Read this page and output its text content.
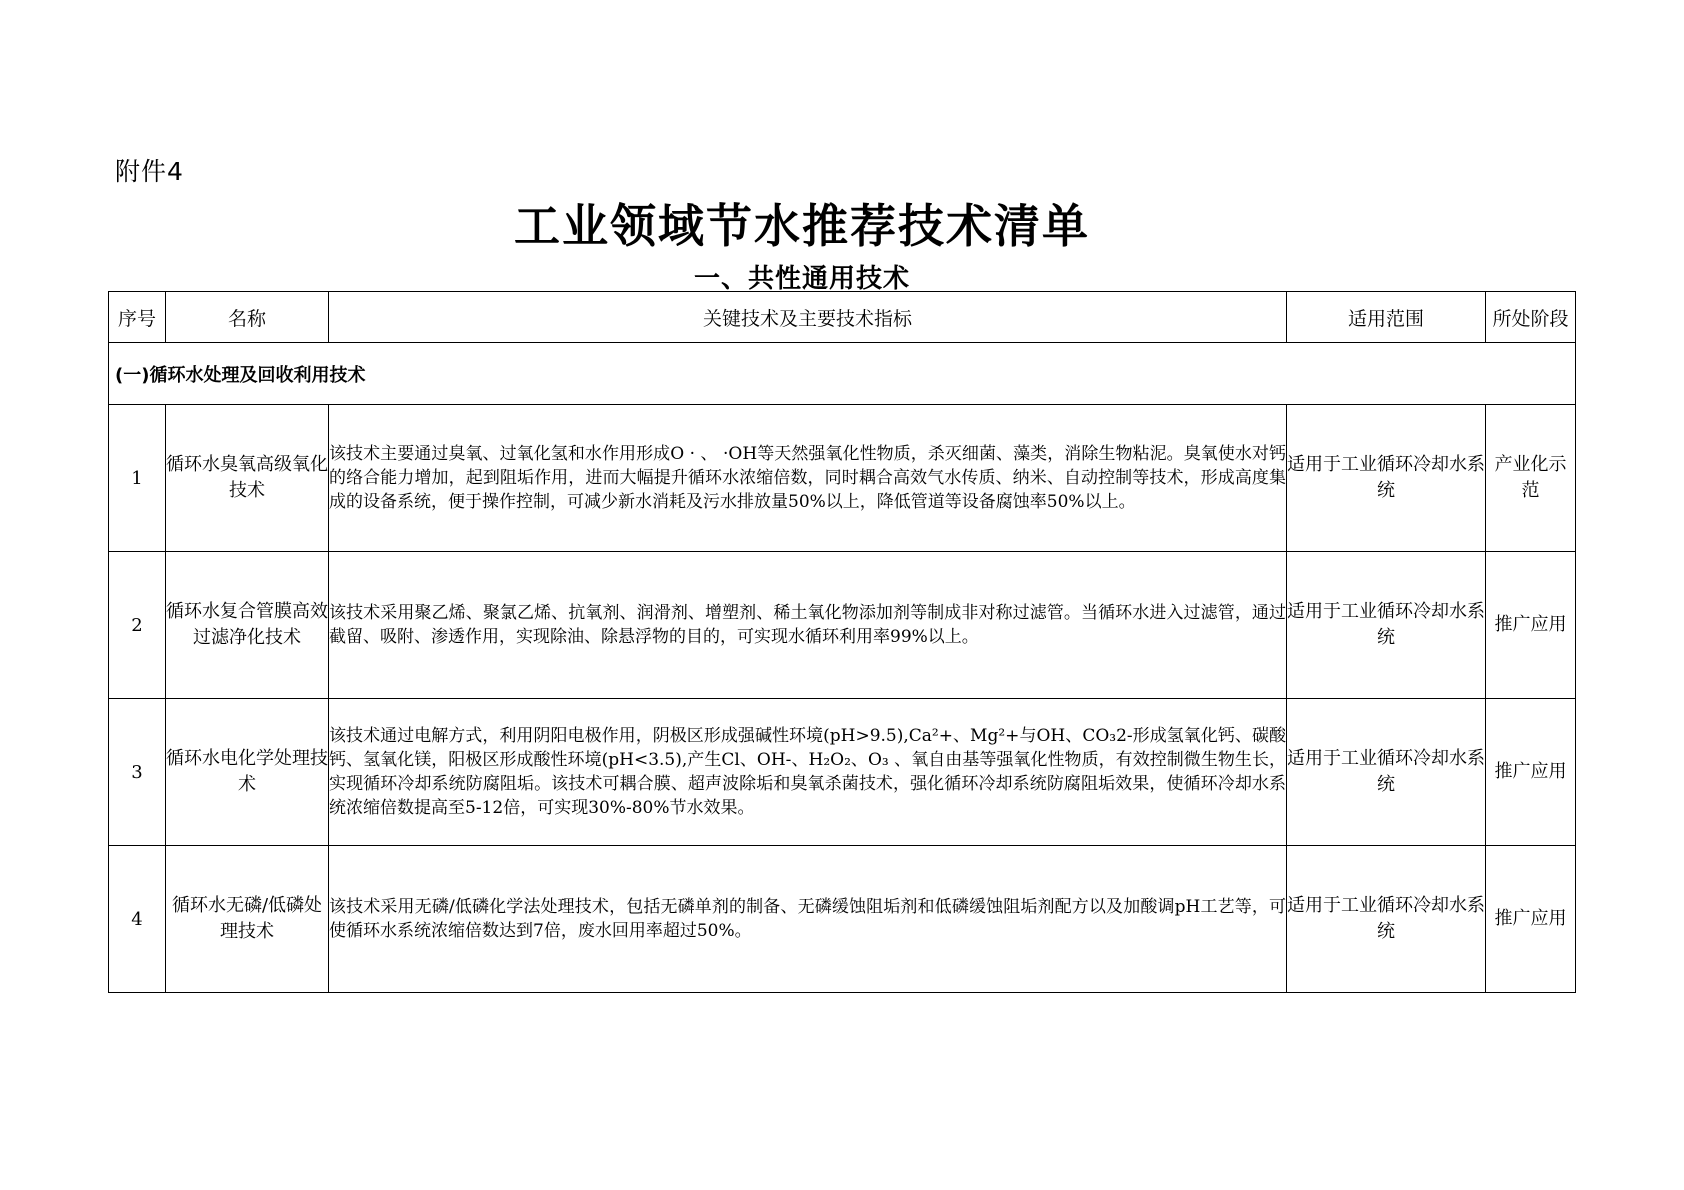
附件4
工业领域节水推荐技术清单
一、共性通用技术
序号	名称	关键技术及主要技术指标	适用范围	所处阶段
(一)循环水处理及回收利用技术				
1	循环水臭氧高级氧化技术	该技术主要通过臭氧、过氧化氢和水作用形成O · 、 ·OH等天然强氧化性物质，杀灭细菌、藻类，消除生物粘泥。臭氧使水对钙的络合能力增加，起到阻垢作用，进而大幅提升循环水浓缩倍数，同时耦合高效气水传质、纳米、自动控制等技术，形成高度集成的设备系统，便于操作控制，可减少新水消耗及污水排放量50%以上，降低管道等设备腐蚀率50%以上。	适用于工业循环冷却水系统	产业化示范
2	循环水复合管膜高效过滤净化技术	该技术采用聚乙烯、聚氯乙烯、抗氧剂、润滑剂、增塑剂、稀土氧化物添加剂等制成非对称过滤管。当循环水进入过滤管，通过截留、吸附、渗透作用，实现除油、除悬浮物的目的，可实现水循环利用率99%以上。	适用于工业循环冷却水系统	推广应用
3	循环水电化学处理技术	该技术通过电解方式，利用阴阳电极作用，阴极区形成强碱性环境(pH>9.5),Ca²+、Mg²+与OH、CO₃2-形成氢氧化钙、碳酸钙、氢氧化镁，阳极区形成酸性环境(pH<3.5),产生Cl、OH-、H₂O₂、O₃ 、氧自由基等强氧化性物质，有效控制微生物生长，实现循环冷却系统防腐阻垢。该技术可耦合膜、超声波除垢和臭氧杀菌技术，强化循环冷却系统防腐阻垢效果，使循环冷却水系统浓缩倍数提高至5-12倍，可实现30%-80%节水效果。	适用于工业循环冷却水系统	推广应用
4	循环水无磷/低磷处理技术	该技术采用无磷/低磷化学法处理技术，包括无磷单剂的制备、无磷缓蚀阻垢剂和低磷缓蚀阻垢剂配方以及加酸调pH工艺等，可使循环水系统浓缩倍数达到7倍，废水回用率超过50%。	适用于工业循环冷却水系统	推广应用
